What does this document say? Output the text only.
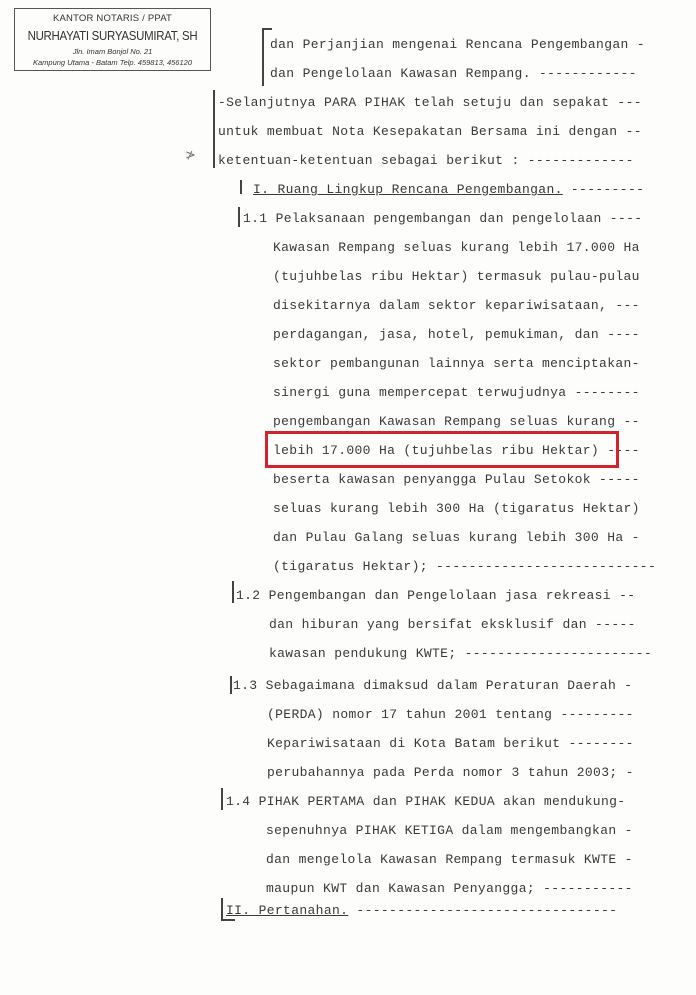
KANTOR NOTARIS / PPAT
NURHAYATI SURYASUMIRAT, SH
Jln. Imam Bonjol No. 21
Kampung Utama - Batam Telp. 459813, 456120
≯
dan Perjanjian mengenai Rencana Pengembangan -
dan Pengelolaan Kawasan Rempang. ------------
-Selanjutnya PARA PIHAK telah setuju dan sepakat ---
untuk membuat Nota Kesepakatan Bersama ini dengan --
ketentuan-ketentuan sebagai berikut : -------------
I. Ruang Lingkup Rencana Pengembangan. ---------
1.1 Pelaksanaan pengembangan dan pengelolaan ----
Kawasan Rempang seluas kurang lebih 17.000 Ha
(tujuhbelas ribu Hektar) termasuk pulau-pulau
disekitarnya dalam sektor kepariwisataan, ---
perdagangan, jasa, hotel, pemukiman, dan ----
sektor pembangunan lainnya serta menciptakan-
sinergi guna mempercepat terwujudnya --------
pengembangan Kawasan Rempang seluas kurang --
lebih 17.000 Ha (tujuhbelas ribu Hektar) ----
beserta kawasan penyangga Pulau Setokok -----
seluas kurang lebih 300 Ha (tigaratus Hektar)
dan Pulau Galang seluas kurang lebih 300 Ha -
(tigaratus Hektar); ---------------------------
1.2 Pengembangan dan Pengelolaan jasa rekreasi --
dan hiburan yang bersifat eksklusif dan -----
kawasan pendukung KWTE; -----------------------
1.3 Sebagaimana dimaksud dalam Peraturan Daerah -
(PERDA) nomor 17 tahun 2001 tentang ---------
Kepariwisataan di Kota Batam berikut --------
perubahannya pada Perda nomor 3 tahun 2003; -
1.4 PIHAK PERTAMA dan PIHAK KEDUA akan mendukung-
sepenuhnya PIHAK KETIGA dalam mengembangkan -
dan mengelola Kawasan Rempang termasuk KWTE -
maupun KWT dan Kawasan Penyangga; -----------
II. Pertanahan. --------------------------------
